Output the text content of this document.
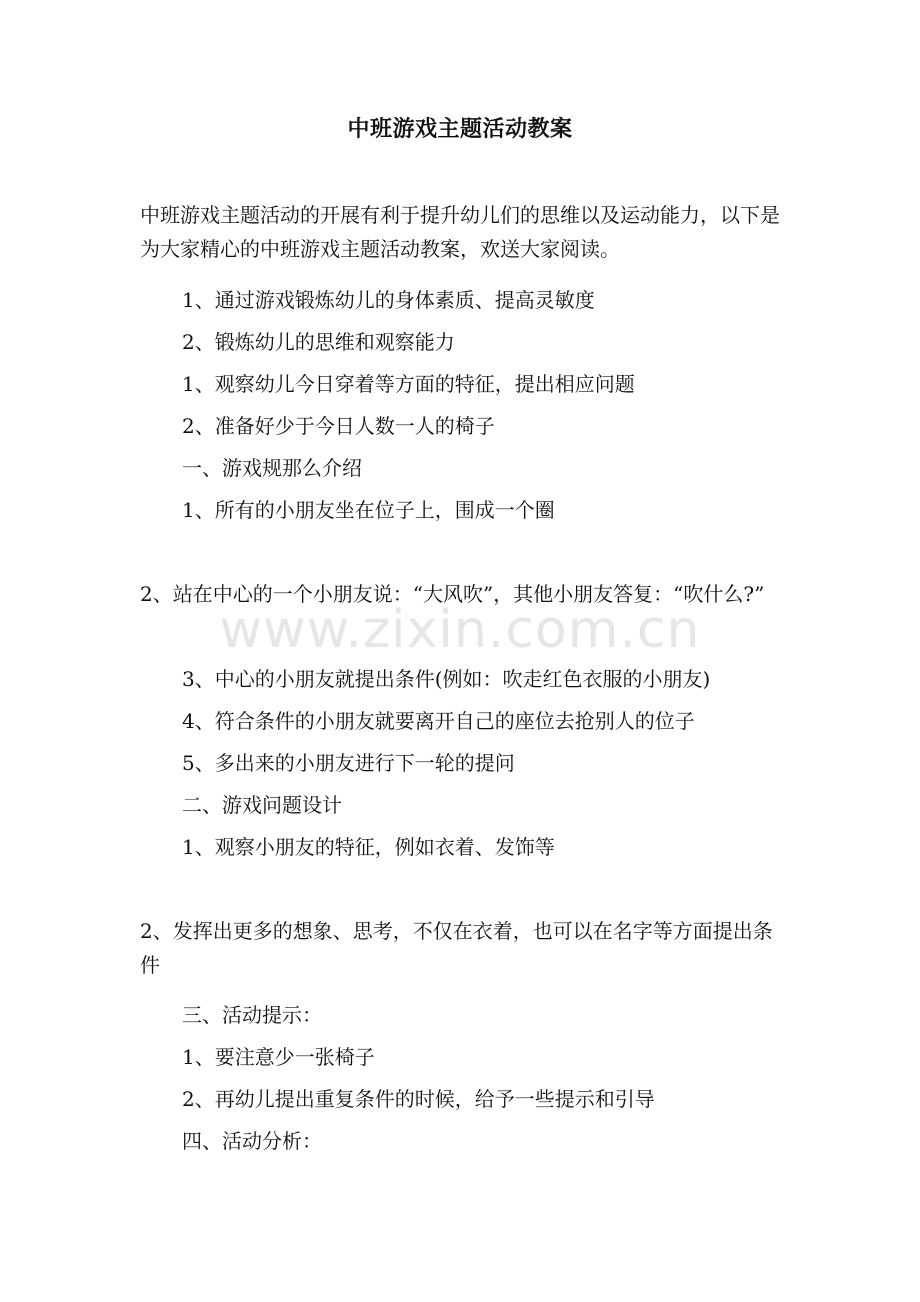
www.zixin.com.cn
中班游戏主题活动教案
中班游戏主题活动的开展有利于提升幼儿们的思维以及运动能力，以下是为大家精心的中班游戏主题活动教案，欢送大家阅读。
1、通过游戏锻炼幼儿的身体素质、提高灵敏度
2、锻炼幼儿的思维和观察能力
1、观察幼儿今日穿着等方面的特征，提出相应问题
2、准备好少于今日人数一人的椅子
一、游戏规那么介绍
1、所有的小朋友坐在位子上，围成一个圈
2、站在中心的一个小朋友说：“大风吹”，其他小朋友答复：“吹什么?”
3、中心的小朋友就提出条件(例如：吹走红色衣服的小朋友)
4、符合条件的小朋友就要离开自己的座位去抢别人的位子
5、多出来的小朋友进行下一轮的提问
二、游戏问题设计
1、观察小朋友的特征，例如衣着、发饰等
2、发挥出更多的想象、思考，不仅在衣着，也可以在名字等方面提出条件
三、活动提示：
1、要注意少一张椅子
2、再幼儿提出重复条件的时候，给予一些提示和引导
四、活动分析：
